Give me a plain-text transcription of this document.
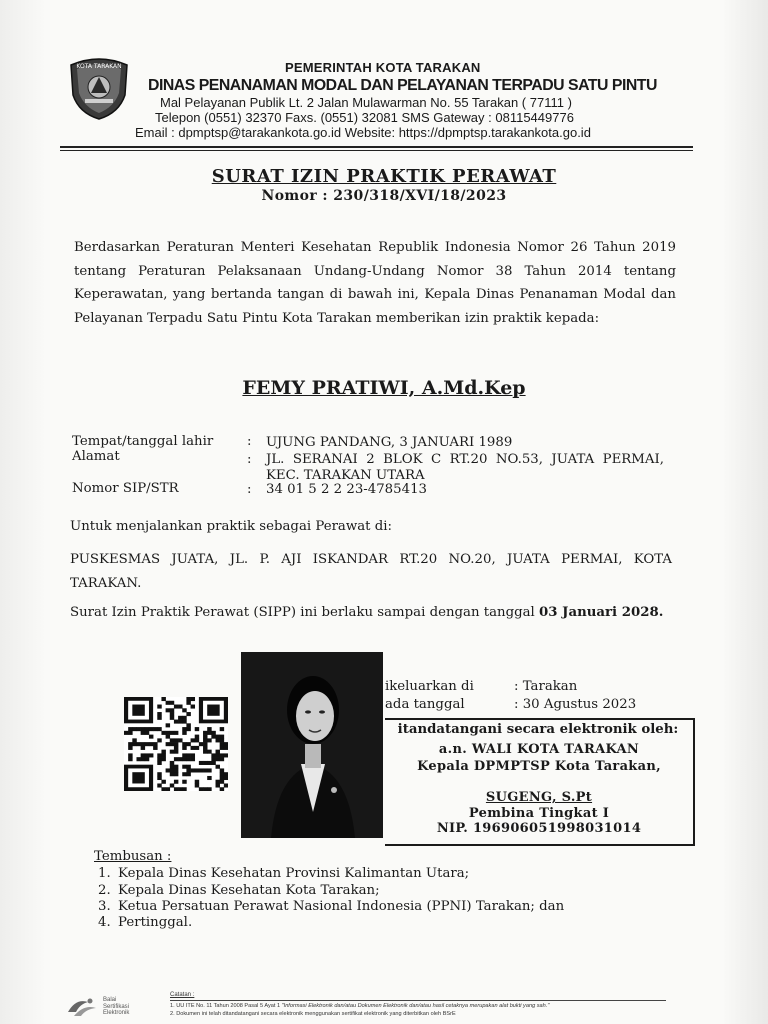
KOTA TARAKAN	PEMERINTAH KOTA TARAKAN
DINAS PENANAMAN MODAL DAN PELAYANAN TERPADU SATU PINTU
Mal Pelayanan Publik Lt. 2 Jalan Mulawarman No. 55 Tarakan ( 77111 )
Telepon (0551) 32370 Faxs. (0551) 32081 SMS Gateway : 08115449776
Email : dpmptsp@tarakankota.go.id Website: https://dpmptsp.tarakankota.go.id
SURAT IZIN PRAKTIK PERAWAT
Nomor : 230/318/XVI/18/2023
Berdasarkan Peraturan Menteri Kesehatan Republik Indonesia Nomor 26 Tahun 2019 tentang Peraturan Pelaksanaan Undang-Undang Nomor 38 Tahun 2014 tentang Keperawatan, yang bertanda tangan di bawah ini, Kepala Dinas Penanaman Modal dan Pelayanan Terpadu Satu Pintu Kota Tarakan memberikan izin praktik kepada:
FEMY PRATIWI, A.Md.Kep
Tempat/tanggal lahir	: UJUNG PANDANG, 3 JANUARI 1989
Alamat	: JL. SERANAI 2 BLOK C RT.20 NO.53, JUATA PERMAI, KEC. TARAKAN UTARA
Nomor SIP/STR	: 34 01 5 2 2 23-4785413
Untuk menjalankan praktik sebagai Perawat di:
PUSKESMAS JUATA, JL. P. AJI ISKANDAR RT.20 NO.20, JUATA PERMAI, KOTA TARAKAN.
Surat Izin Praktik Perawat (SIPP) ini berlaku sampai dengan tanggal 03 Januari 2028.
ikeluarkan di	: Tarakan
ada tanggal	: 30 Agustus 2023
itandatangani secara elektronik oleh:
a.n. WALI KOTA TARAKAN
Kepala DPMPTSP Kota Tarakan,
SUGENG, S.Pt
Pembina Tingkat I
NIP. 196906051998031014
Tembusan :
1. Kepala Dinas Kesehatan Provinsi Kalimantan Utara;
2. Kepala Dinas Kesehatan Kota Tarakan;
3. Ketua Persatuan Perawat Nasional Indonesia (PPNI) Tarakan; dan
4. Pertinggal.
Balai
Sertifikasi
Elektronik
Catatan :
1. UU ITE No. 11 Tahun 2008 Pasal 5 Ayat 1 "Informasi Elektronik dan/atau Dokumen Elektronik dan/atau hasil cetaknya merupakan alat bukti yang sah."
2. Dokumen ini telah ditandatangani secara elektronik menggunakan sertifikat elektronik yang diterbitkan oleh BSrE
